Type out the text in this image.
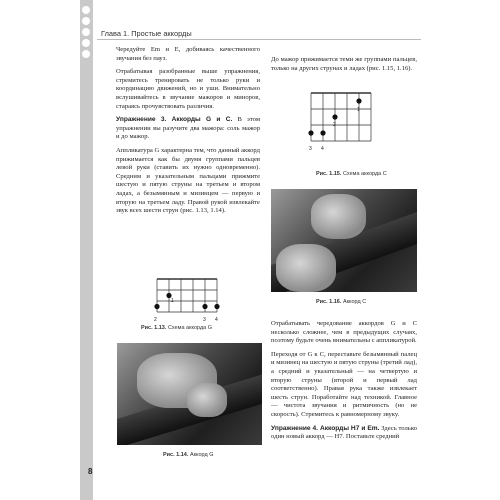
Глава 1. Простые аккорды

Чередуйте Em и E, добиваясь качественного звучания без пауз.

Отрабатывая разобранные выше упражнения, стремитесь тренировать не только руки и координацию движений, но и уши. Внимательно вслушивайтесь в звучание мажоров и миноров, стараясь прочувствовать различия.

Упражнение 3. Аккорды G и C. В этом упражнении вы разучите два мажора: соль мажор и до мажор.

Аппликатура G характерна тем, что данный аккорд прижимается как бы двумя группами пальцев левой руки (ставить их нужно одновременно). Средним и указательным пальцами прижмите шестую и пятую струны на третьем и втором ладах, а безымянным и мизинцем — первую и вторую на третьем ладу. Правой рукой извлекайте звук всех шести струн (рис. 1.13, 1.14).

2
1
3 4
Рис. 1.13. Схема аккорда G
Рис. 1.14. Аккорд G

До мажор прижимается теми же группами пальцев, только на других струнах и ладах (рис. 1.15, 1.16).

1
2
3 4
Рис. 1.15. Схема аккорда C
Рис. 1.16. Аккорд C

Отрабатывать чередование аккордов G и C несколько сложнее, чем в предыдущих случаях, поэтому будьте очень внимательны с аппликатурой.

Переходя от G к C, переставьте безымянный палец и мизинец на шестую и пятую струны (третий лад), а средний и указательный — на четвертую и вторую струны (второй и первый лад соответственно). Правая рука также извлекает шесть струн. Поработайте над техникой. Главное — чистота звучания и ритмичность (но не скорость). Стремитесь к равномерному звуку.

Упражнение 4. Аккорды H7 и Em. Здесь только один новый аккорд — H7. Поставьте средний

8
